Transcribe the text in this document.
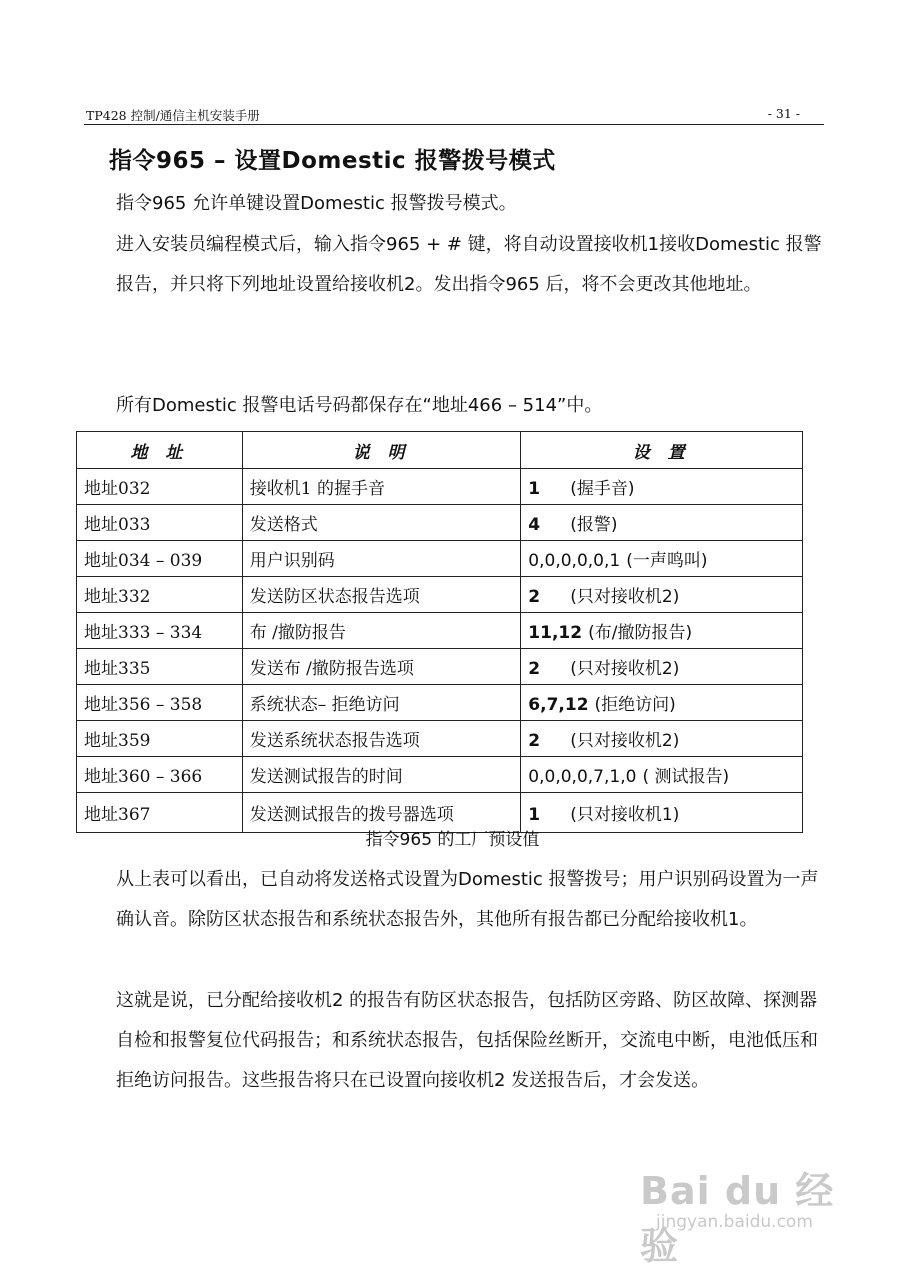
TP428 控制/通信主机安装手册	- 31 -
指令965 – 设置Domestic 报警拨号模式

指令965 允许单键设置Domestic 报警拨号模式。

进入安装员编程模式后，输入指令965 + # 键，将自动设置接收机1接收Domestic 报警报告，并只将下列地址设置给接收机2。发出指令965 后，将不会更改其他地址。

所有Domestic 报警电话号码都保存在“地址466 – 514”中。

地 址	说 明	设 置
地址032	接收机1 的握手音	1 (握手音)
地址033	发送格式	4 (报警)
地址034 – 039	用户识别码	0,0,0,0,0,1 (一声鸣叫)
地址332	发送防区状态报告选项	2 (只对接收机2)
地址333 – 334	布 /撤防报告	11,12 (布/撤防报告)
地址335	发送布 /撤防报告选项	2 (只对接收机2)
地址356 – 358	系统状态– 拒绝访问	6,7,12 (拒绝访问)
地址359	发送系统状态报告选项	2 (只对接收机2)
地址360 – 366	发送测试报告的时间	0,0,0,0,7,1,0 ( 测试报告)
地址367	发送测试报告的拨号器选项	1 (只对接收机1)
指令965 的工厂预设值

从上表可以看出，已自动将发送格式设置为Domestic 报警拨号；用户识别码设置为一声确认音。除防区状态报告和系统状态报告外，其他所有报告都已分配给接收机1。

这就是说，已分配给接收机2 的报告有防区状态报告，包括防区旁路、防区故障、探测器自检和报警复位代码报告；和系统状态报告，包括保险丝断开，交流电中断，电池低压和拒绝访问报告。这些报告将只在已设置向接收机2 发送报告后，才会发送。

Bai du 经验
jingyan.baidu.com
